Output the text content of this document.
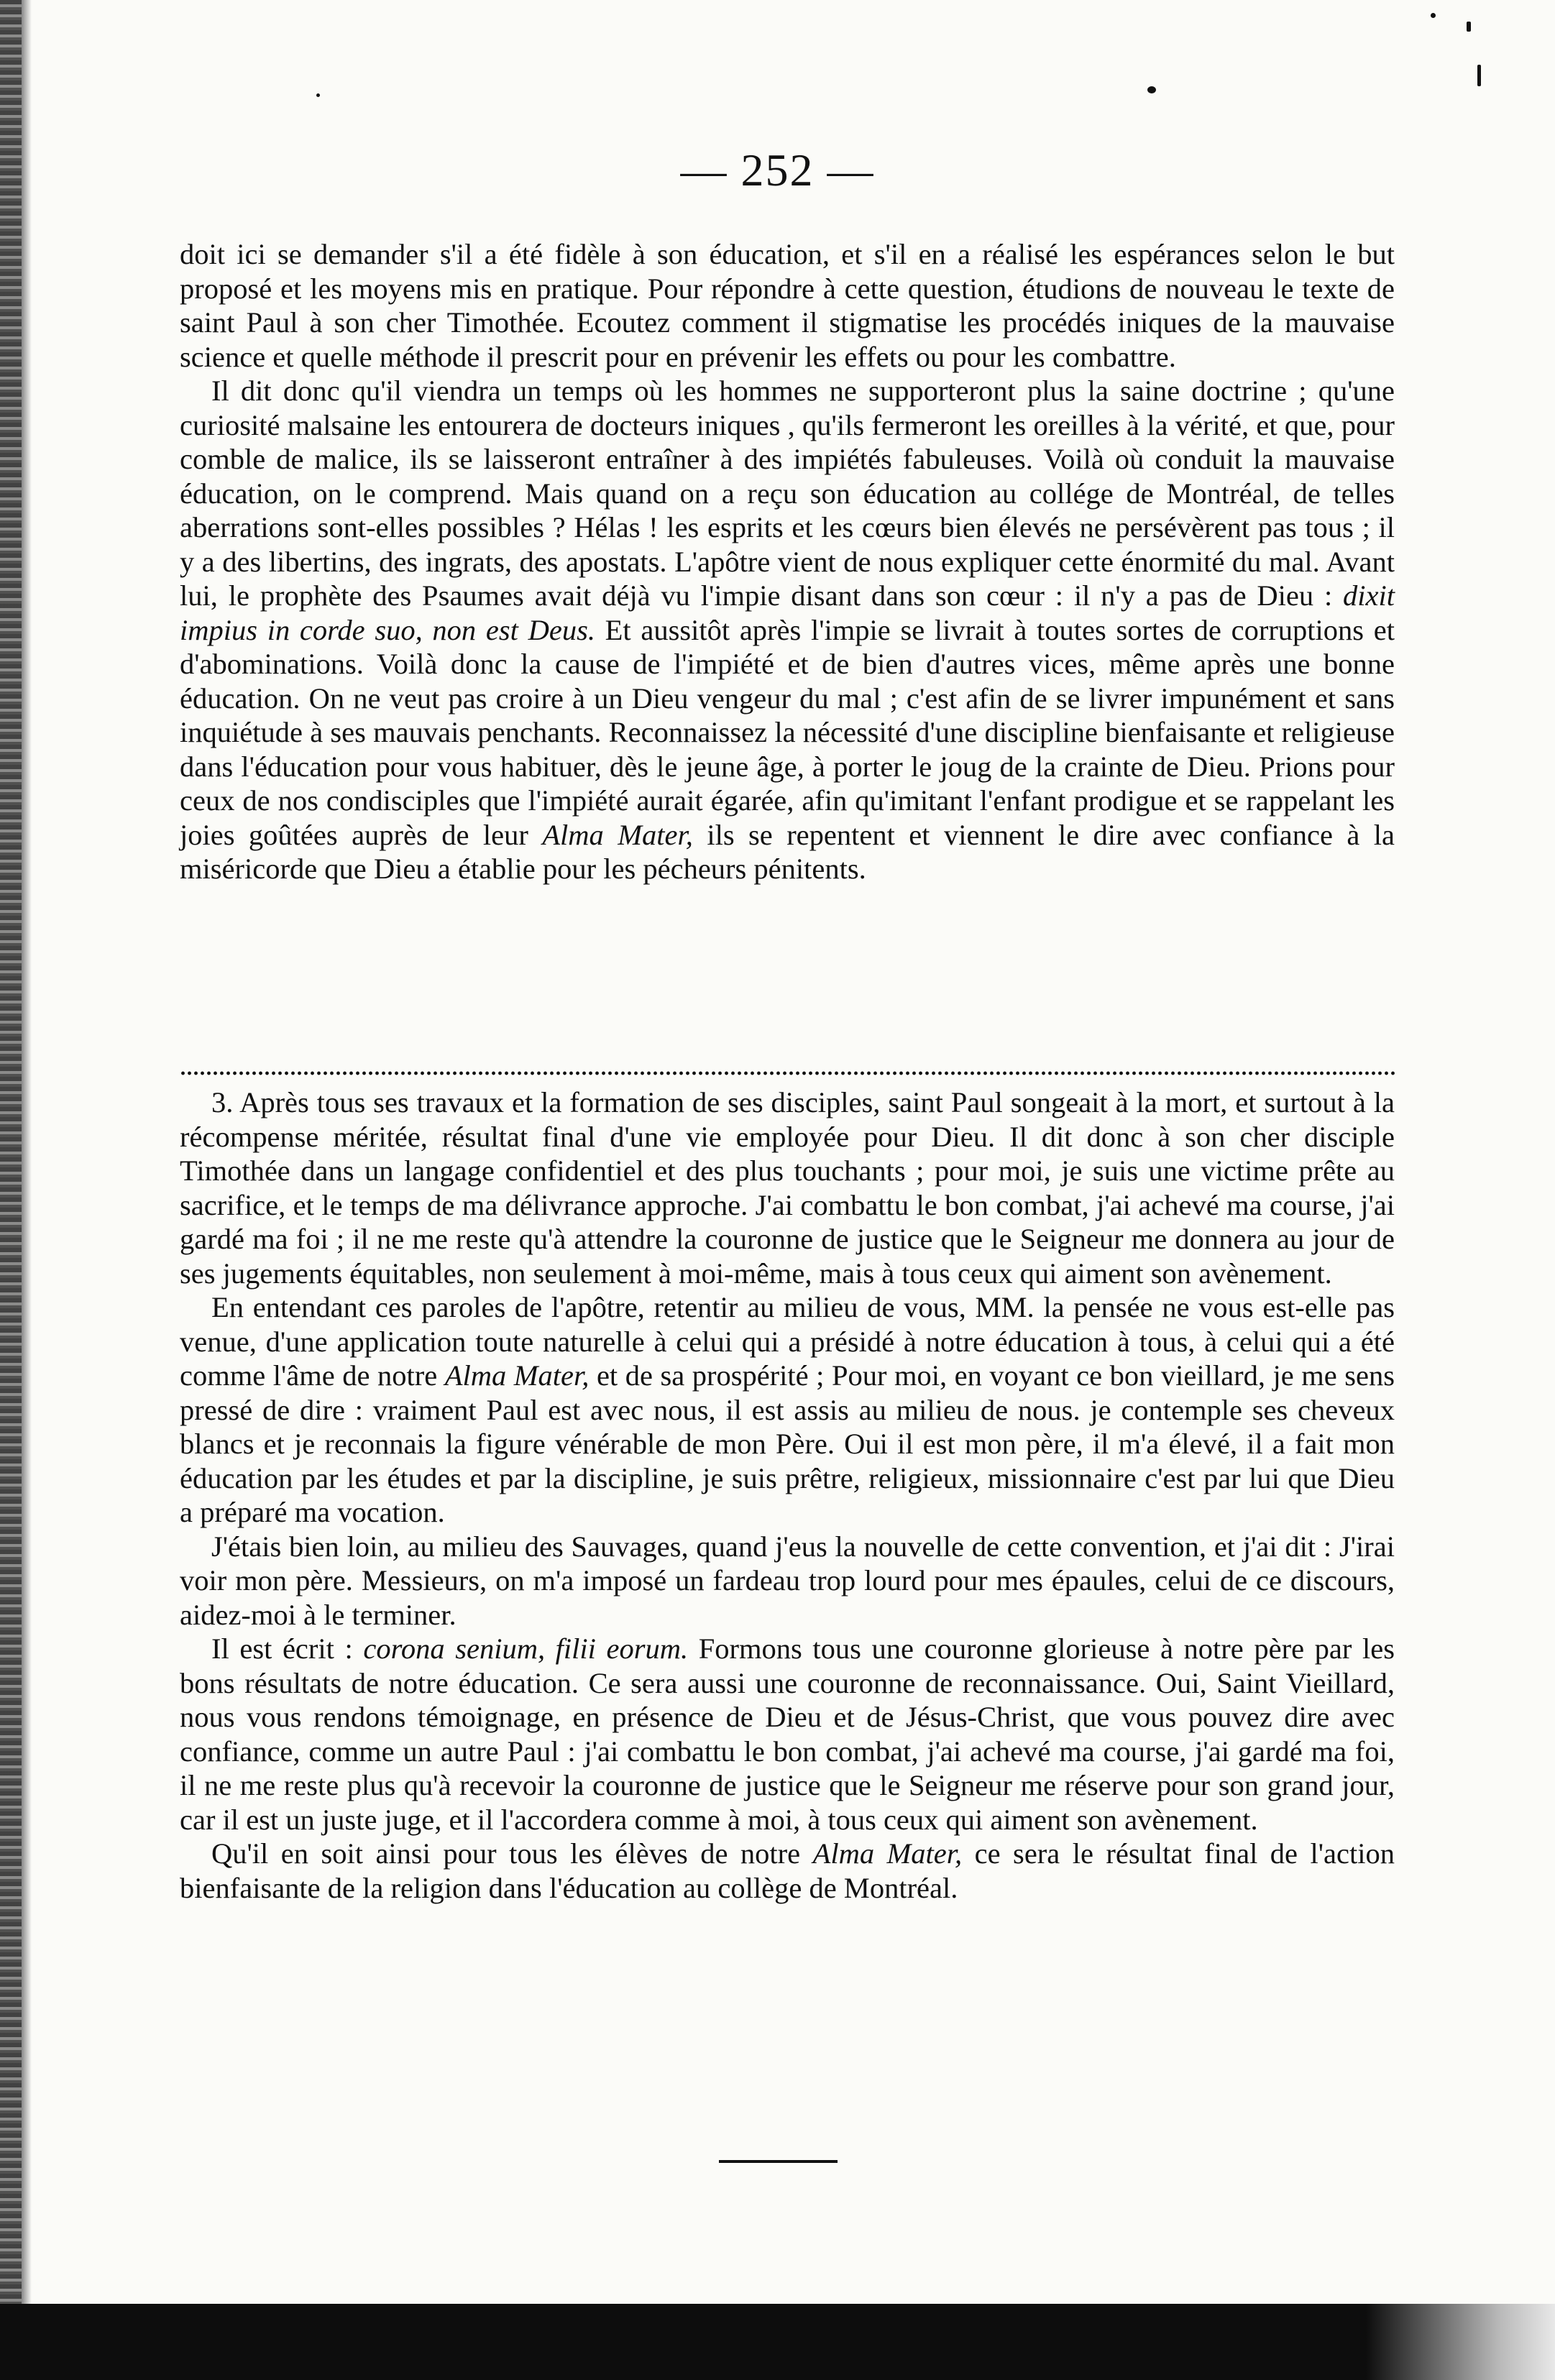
— 252 —

doit ici se demander s'il a été fidèle à son éducation, et s'il en a réalisé les espérances selon le but proposé et les moyens mis en pratique. Pour répondre à cette question, étudions de nouveau le texte de saint Paul à son cher Timothée. Ecoutez comment il stigmatise les procédés iniques de la mauvaise science et quelle méthode il prescrit pour en prévenir les effets ou pour les combattre.

Il dit donc qu'il viendra un temps où les hommes ne supporteront plus la saine doctrine ; qu'une curiosité malsaine les entourera de docteurs iniques , qu'ils fermeront les oreilles à la vérité, et que, pour comble de malice, ils se laisseront entraîner à des impiétés fabuleuses. Voilà où conduit la mauvaise éducation, on le comprend. Mais quand on a reçu son éducation au collége de Montréal, de telles aberrations sont-elles possibles ? Hélas ! les esprits et les cœurs bien élevés ne persévèrent pas tous ; il y a des libertins, des ingrats, des apostats. L'apôtre vient de nous expliquer cette énormité du mal. Avant lui, le prophète des Psaumes avait déjà vu l'impie disant dans son cœur : il n'y a pas de Dieu : dixit impius in corde suo, non est Deus. Et aussitôt après l'impie se livrait à toutes sortes de corruptions et d'abominations. Voilà donc la cause de l'impiété et de bien d'autres vices, même après une bonne éducation. On ne veut pas croire à un Dieu vengeur du mal ; c'est afin de se livrer impunément et sans inquiétude à ses mauvais penchants. Reconnaissez la nécessité d'une discipline bienfaisante et religieuse dans l'éducation pour vous habituer, dès le jeune âge, à porter le joug de la crainte de Dieu. Prions pour ceux de nos condisciples que l'impiété aurait égarée, afin qu'imitant l'enfant prodigue et se rappelant les joies goûtées auprès de leur Alma Mater, ils se repentent et viennent le dire avec confiance à la miséricorde que Dieu a établie pour les pécheurs pénitents.

3. Après tous ses travaux et la formation de ses disciples, saint Paul songeait à la mort, et surtout à la récompense méritée, résultat final d'une vie employée pour Dieu. Il dit donc à son cher disciple Timothée dans un langage confidentiel et des plus touchants ; pour moi, je suis une victime prête au sacrifice, et le temps de ma délivrance approche. J'ai combattu le bon combat, j'ai achevé ma course, j'ai gardé ma foi ; il ne me reste qu'à attendre la couronne de justice que le Seigneur me donnera au jour de ses jugements équitables, non seulement à moi-même, mais à tous ceux qui aiment son avènement.

En entendant ces paroles de l'apôtre, retentir au milieu de vous, MM. la pensée ne vous est-elle pas venue, d'une application toute naturelle à celui qui a présidé à notre éducation à tous, à celui qui a été comme l'âme de notre Alma Mater, et de sa prospérité ; Pour moi, en voyant ce bon vieillard, je me sens pressé de dire : vraiment Paul est avec nous, il est assis au milieu de nous. je contemple ses cheveux blancs et je reconnais la figure vénérable de mon Père. Oui il est mon père, il m'a élevé, il a fait mon éducation par les études et par la discipline, je suis prêtre, religieux, missionnaire c'est par lui que Dieu a préparé ma vocation.

J'étais bien loin, au milieu des Sauvages, quand j'eus la nouvelle de cette convention, et j'ai dit : J'irai voir mon père. Messieurs, on m'a imposé un fardeau trop lourd pour mes épaules, celui de ce discours, aidez-moi à le terminer.

Il est écrit : corona senium, filii eorum. Formons tous une couronne glorieuse à notre père par les bons résultats de notre éducation. Ce sera aussi une couronne de reconnaissance. Oui, Saint Vieillard, nous vous rendons témoignage, en présence de Dieu et de Jésus-Christ, que vous pouvez dire avec confiance, comme un autre Paul : j'ai combattu le bon combat, j'ai achevé ma course, j'ai gardé ma foi, il ne me reste plus qu'à recevoir la couronne de justice que le Seigneur me réserve pour son grand jour, car il est un juste juge, et il l'accordera comme à moi, à tous ceux qui aiment son avènement.

Qu'il en soit ainsi pour tous les élèves de notre Alma Mater, ce sera le résultat final de l'action bienfaisante de la religion dans l'éducation au collège de Montréal.
